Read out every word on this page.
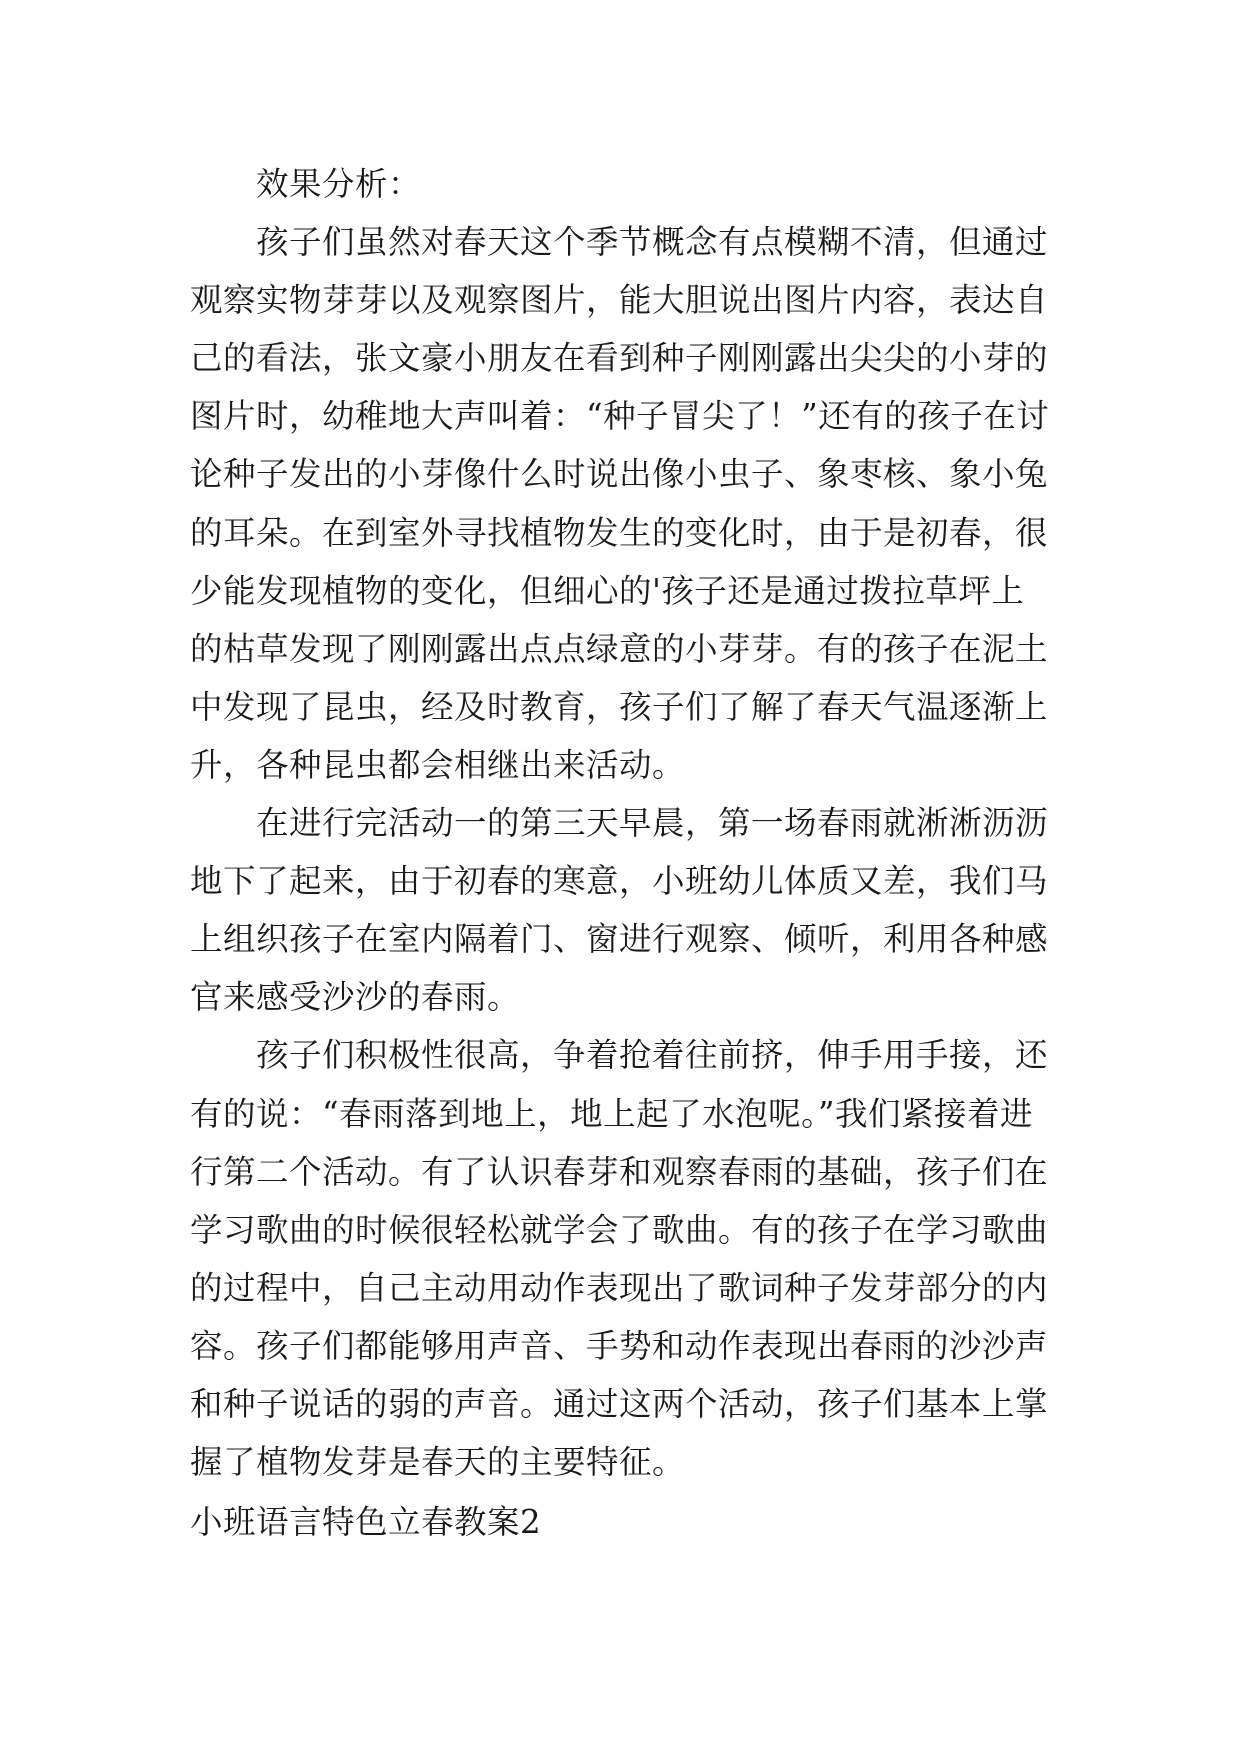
效果分析：
孩子们虽然对春天这个季节概念有点模糊不清，但通过
观察实物芽芽以及观察图片，能大胆说出图片内容，表达自
己的看法，张文豪小朋友在看到种子刚刚露出尖尖的小芽的
图片时，幼稚地大声叫着：“种子冒尖了！”还有的孩子在讨
论种子发出的小芽像什么时说出像小虫子、象枣核、象小兔
的耳朵。在到室外寻找植物发生的变化时，由于是初春，很
少能发现植物的变化，但细心的'孩子还是通过拨拉草坪上
的枯草发现了刚刚露出点点绿意的小芽芽。有的孩子在泥土
中发现了昆虫，经及时教育，孩子们了解了春天气温逐渐上
升，各种昆虫都会相继出来活动。
在进行完活动一的第三天早晨，第一场春雨就淅淅沥沥
地下了起来，由于初春的寒意，小班幼儿体质又差，我们马
上组织孩子在室内隔着门、窗进行观察、倾听，利用各种感
官来感受沙沙的春雨。
孩子们积极性很高，争着抢着往前挤，伸手用手接，还
有的说：“春雨落到地上，地上起了水泡呢。”我们紧接着进
行第二个活动。有了认识春芽和观察春雨的基础，孩子们在
学习歌曲的时候很轻松就学会了歌曲。有的孩子在学习歌曲
的过程中，自己主动用动作表现出了歌词种子发芽部分的内
容。孩子们都能够用声音、手势和动作表现出春雨的沙沙声
和种子说话的弱的声音。通过这两个活动，孩子们基本上掌
握了植物发芽是春天的主要特征。
小班语言特色立春教案2
